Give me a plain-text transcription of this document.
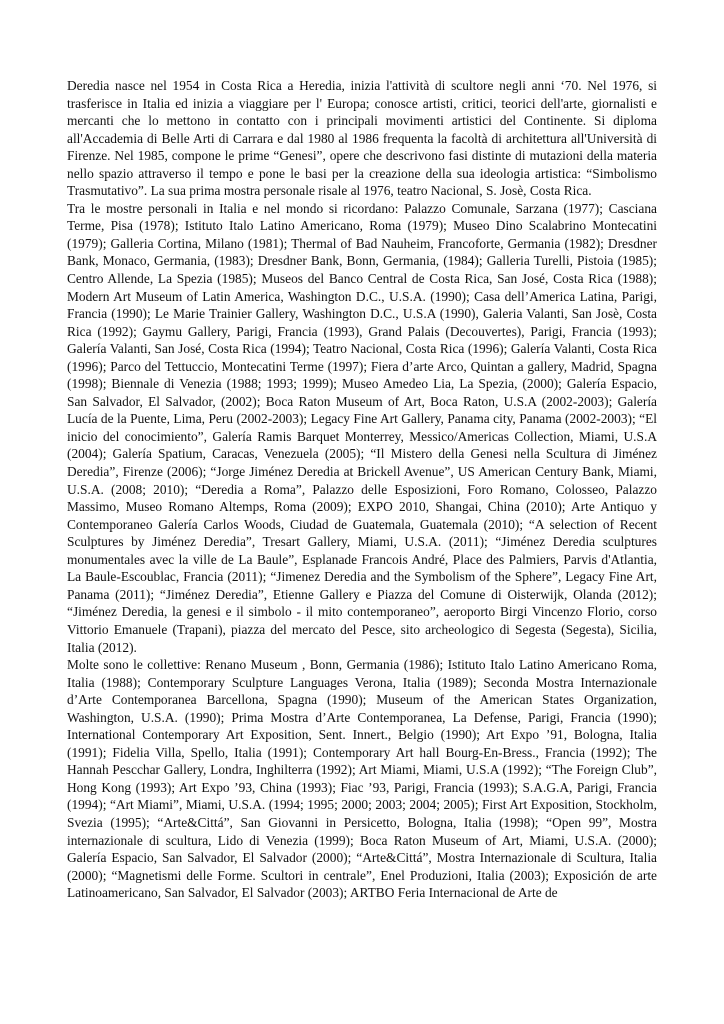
Deredia nasce nel 1954 in Costa Rica a Heredia, inizia l'attività di scultore negli anni ‘70. Nel 1976, si trasferisce in Italia ed inizia a viaggiare per l' Europa; conosce artisti, critici, teorici dell'arte, giornalisti e mercanti che lo mettono in contatto con i principali movimenti artistici del Continente. Si diploma all'Accademia di Belle Arti di Carrara e dal 1980 al 1986 frequenta la facoltà di architettura all'Università di Firenze. Nel 1985, compone le prime “Genesi”, opere che descrivono fasi distinte di mutazioni della materia nello spazio attraverso il tempo e pone le basi per la creazione della sua ideologia artistica: “Simbolismo Trasmutativo”. La sua prima mostra personale risale al 1976, teatro Nacional, S. Josè, Costa Rica.

Tra le mostre personali in Italia e nel mondo si ricordano: Palazzo Comunale, Sarzana (1977); Casciana Terme, Pisa (1978); Istituto Italo Latino Americano, Roma (1979); Museo Dino Scalabrino Montecatini (1979); Galleria Cortina, Milano (1981); Thermal of Bad Nauheim, Francoforte, Germania (1982); Dresdner Bank, Monaco, Germania, (1983); Dresdner Bank, Bonn, Germania, (1984); Galleria Turelli, Pistoia (1985); Centro Allende, La Spezia (1985); Museos del Banco Central de Costa Rica, San José, Costa Rica (1988); Modern Art Museum of Latin America, Washington D.C., U.S.A. (1990); Casa dell’America Latina, Parigi, Francia (1990); Le Marie Trainier Gallery, Washington D.C., U.S.A (1990), Galeria Valanti, San Josè, Costa Rica (1992); Gaymu Gallery, Parigi, Francia (1993), Grand Palais (Decouvertes), Parigi, Francia (1993); Galería Valanti, San José, Costa Rica (1994); Teatro Nacional, Costa Rica (1996); Galería Valanti, Costa Rica (1996); Parco del Tettuccio, Montecatini Terme (1997); Fiera d’arte Arco, Quintan a gallery, Madrid, Spagna (1998); Biennale di Venezia (1988; 1993; 1999); Museo Amedeo Lia, La Spezia, (2000); Galería Espacio, San Salvador, El Salvador, (2002); Boca Raton Museum of Art, Boca Raton, U.S.A (2002-2003); Galería Lucía de la Puente, Lima, Peru (2002-2003); Legacy Fine Art Gallery, Panama city, Panama (2002-2003); “El inicio del conocimiento”, Galería Ramis Barquet Monterrey, Messico/Americas Collection, Miami, U.S.A (2004); Galería Spatium, Caracas, Venezuela (2005); “Il Mistero della Genesi nella Scultura di Jiménez Deredia”, Firenze (2006); “Jorge Jiménez Deredia at Brickell Avenue”, US American Century Bank, Miami, U.S.A. (2008; 2010); “Deredia a Roma”, Palazzo delle Esposizioni, Foro Romano, Colosseo, Palazzo Massimo, Museo Romano Altemps, Roma (2009); EXPO 2010, Shangai, China (2010); Arte Antiquo y Contemporaneo Galería Carlos Woods, Ciudad de Guatemala, Guatemala (2010); “A selection of Recent Sculptures by Jiménez Deredia”, Tresart Gallery, Miami, U.S.A. (2011); “Jiménez Deredia sculptures monumentales avec la ville de La Baule”, Esplanade Francois André, Place des Palmiers, Parvis d'Atlantia, La Baule-Escoublac, Francia (2011); “Jimenez Deredia and the Symbolism of the Sphere”, Legacy Fine Art, Panama (2011); “Jiménez Deredia”, Etienne Gallery e Piazza del Comune di Oisterwijk, Olanda (2012); “Jiménez Deredia, la genesi e il simbolo - il mito contemporaneo”, aeroporto Birgi Vincenzo Florio, corso Vittorio Emanuele (Trapani), piazza del mercato del Pesce, sito archeologico di Segesta (Segesta), Sicilia, Italia (2012).

Molte sono le collettive: Renano Museum , Bonn, Germania (1986); Istituto Italo Latino Americano Roma, Italia (1988); Contemporary Sculpture Languages Verona, Italia (1989); Seconda Mostra Internazionale d’Arte Contemporanea Barcellona, Spagna (1990); Museum of the American States Organization, Washington, U.S.A. (1990); Prima Mostra d’Arte Contemporanea, La Defense, Parigi, Francia (1990); International Contemporary Art Exposition, Sent. Innert., Belgio (1990); Art Expo ’91, Bologna, Italia (1991); Fidelia Villa, Spello, Italia (1991); Contemporary Art hall Bourg-En-Bress., Francia (1992); The Hannah Pescchar Gallery, Londra, Inghilterra (1992); Art Miami, Miami, U.S.A (1992); “The Foreign Club”, Hong Kong (1993); Art Expo ’93, China (1993); Fiac ’93, Parigi, Francia (1993); S.A.G.A, Parigi, Francia (1994); “Art Miami”, Miami, U.S.A. (1994; 1995; 2000; 2003; 2004; 2005); First Art Exposition, Stockholm, Svezia (1995); “Arte&Cittá”, San Giovanni in Persicetto, Bologna, Italia (1998); “Open 99”, Mostra internazionale di scultura, Lido di Venezia (1999); Boca Raton Museum of Art, Miami, U.S.A. (2000); Galería Espacio, San Salvador, El Salvador (2000); “Arte&Cittá”, Mostra Internazionale di Scultura, Italia (2000); “Magnetismi delle Forme. Scultori in centrale”, Enel Produzioni, Italia (2003); Exposición de arte Latinoamericano, San Salvador, El Salvador (2003); ARTBO Feria Internacional de Arte de
